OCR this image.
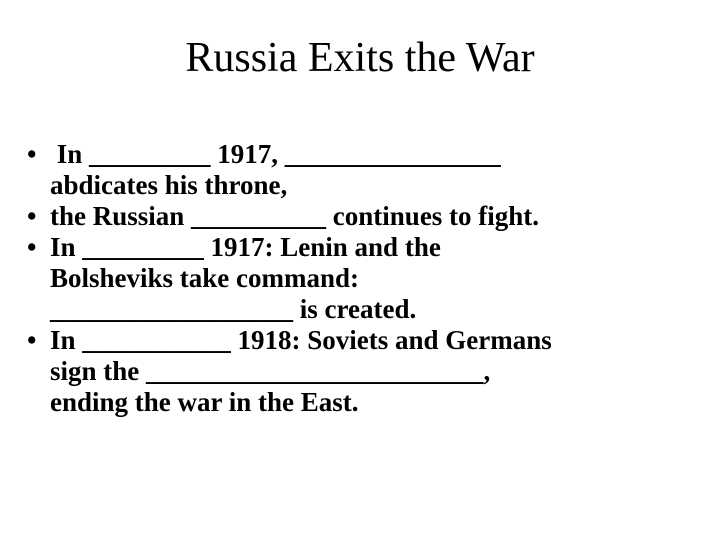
Russia Exits the War
• In _________ 1917, ________________
abdicates his throne,
• the Russian __________ continues to fight.
• In _________ 1917: Lenin and the
Bolsheviks take command:
__________________ is created.
• In ___________ 1918: Soviets and Germans
sign the _________________________,
ending the war in the East.
